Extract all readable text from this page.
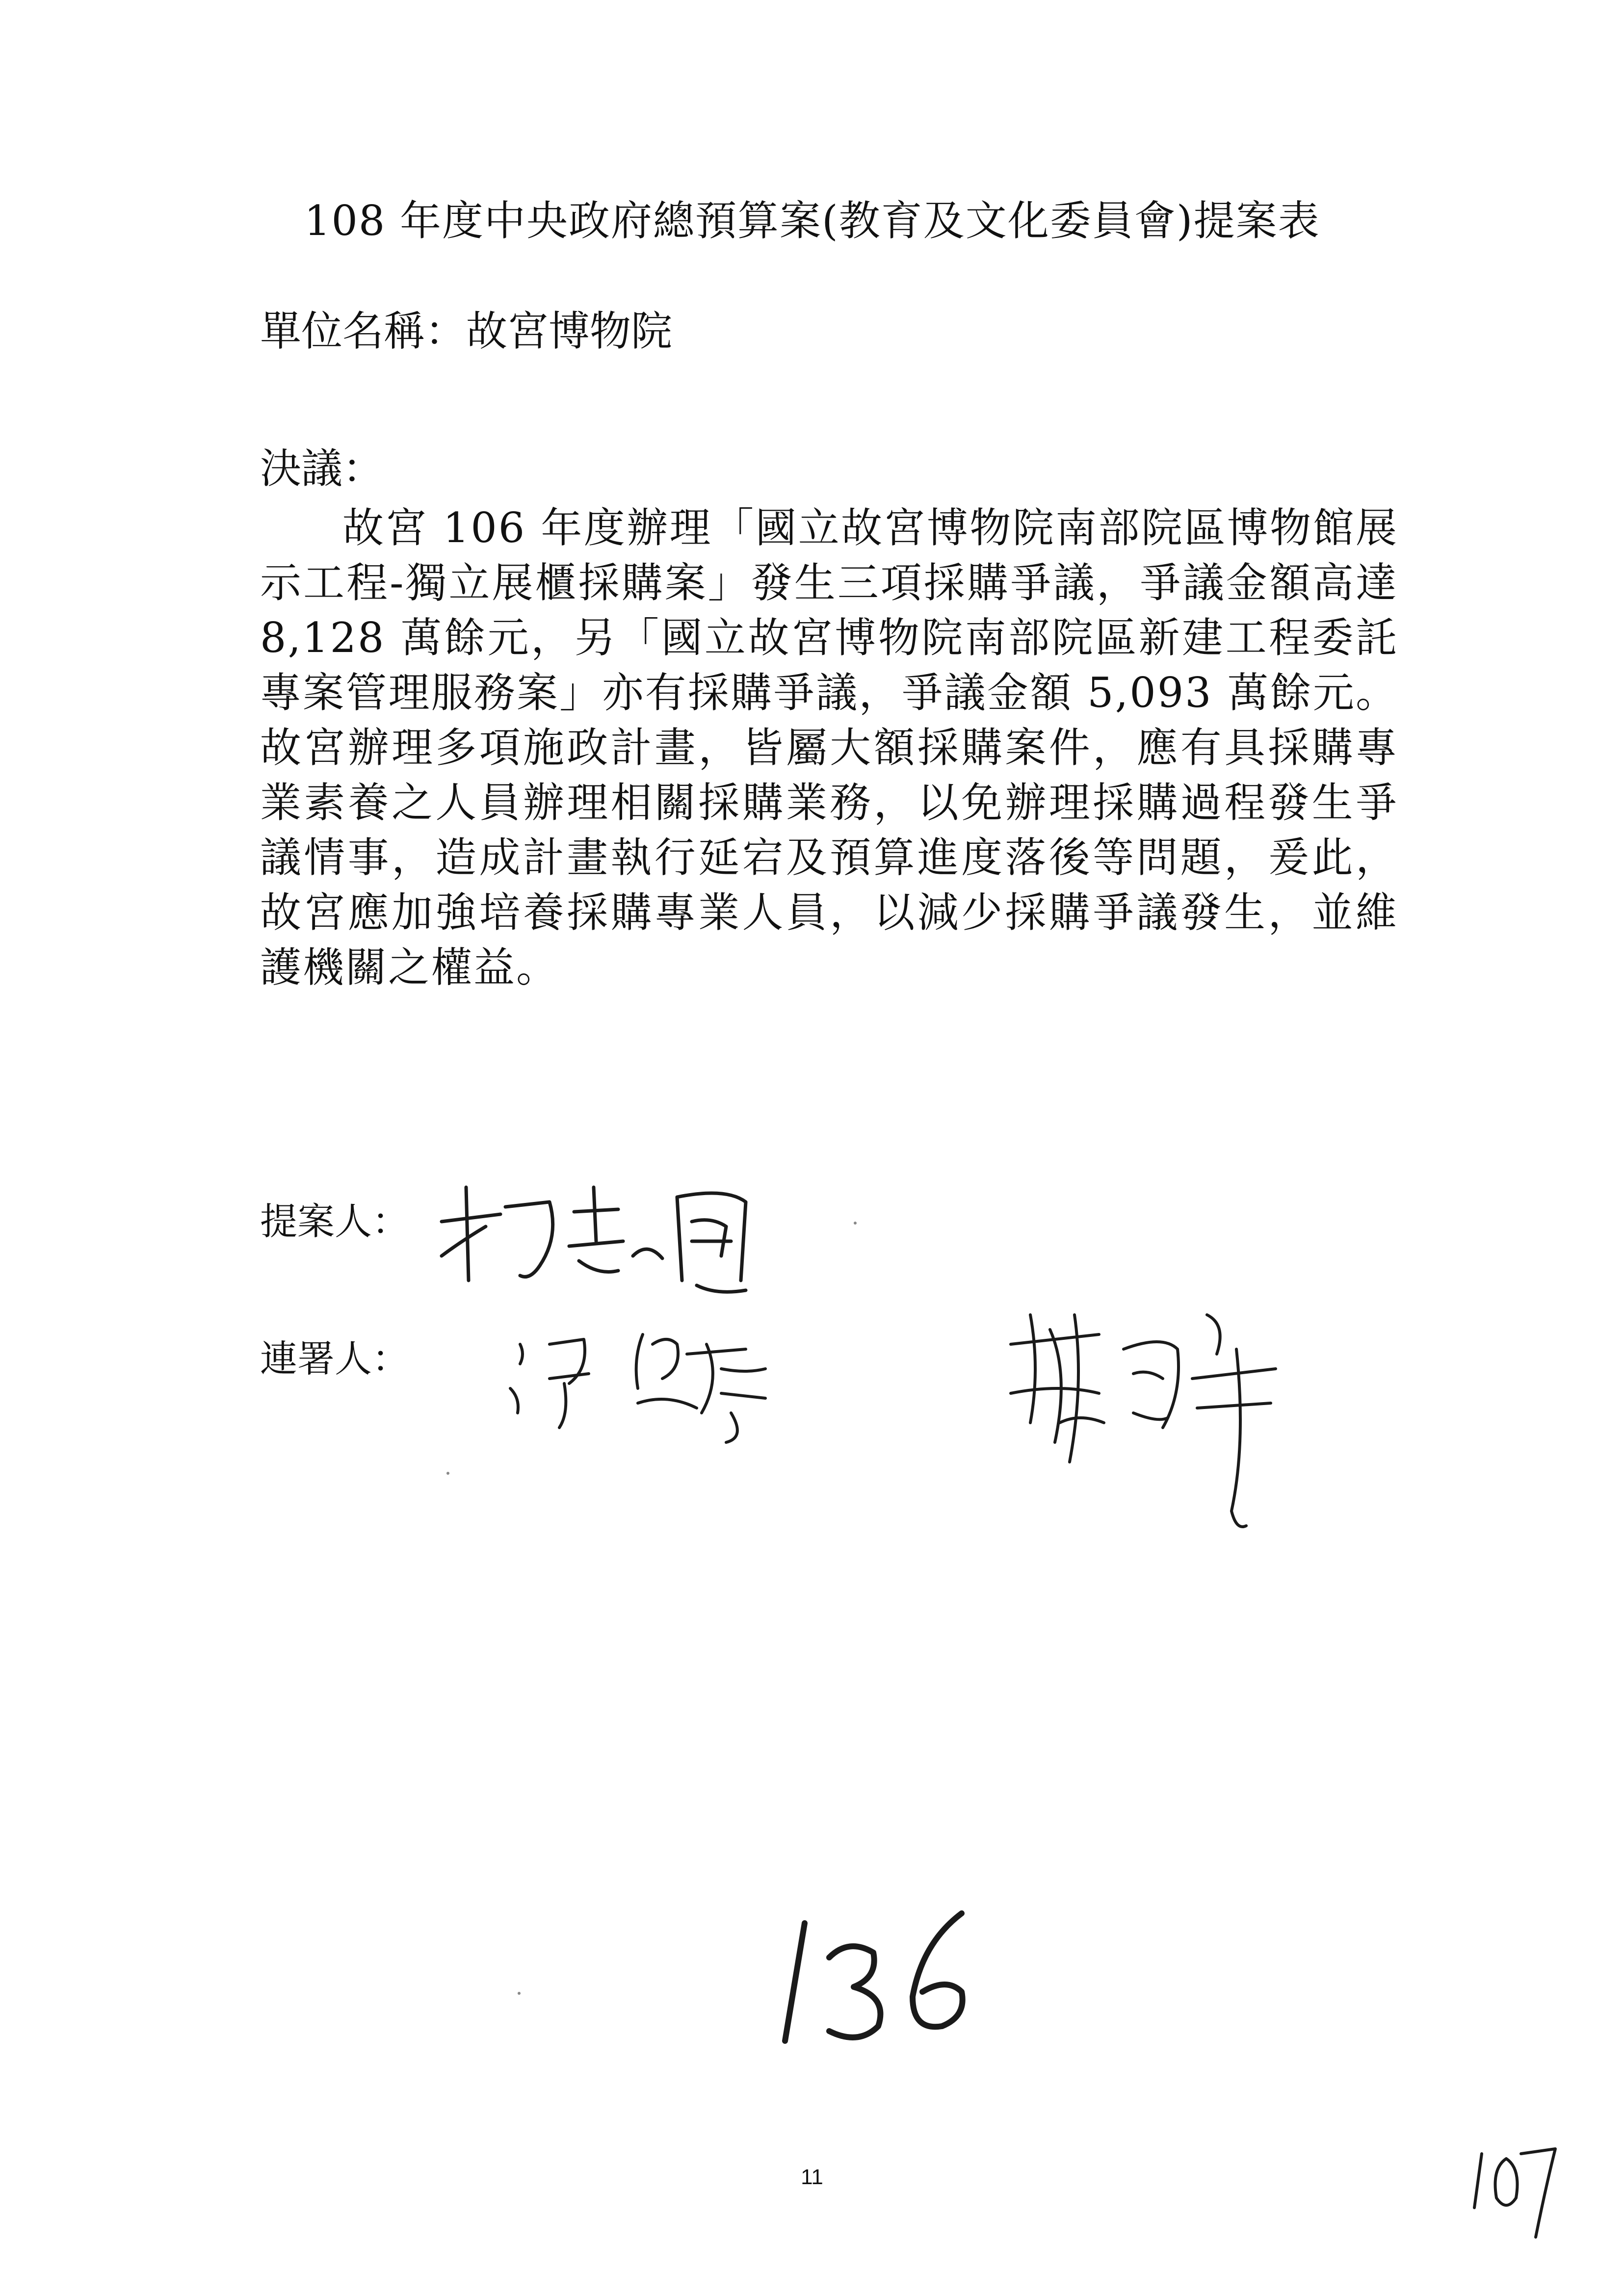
108 年度中央政府總預算案(教育及文化委員會)提案表
單位名稱：故宮博物院
決議：
故宮 106 年度辦理「國立故宮博物院南部院區博物館展示工程-獨立展櫃採購案」發生三項採購爭議，爭議金額高達 8,128 萬餘元，另「國立故宮博物院南部院區新建工程委託專案管理服務案」亦有採購爭議，爭議金額 5,093 萬餘元。故宮辦理多項施政計畫，皆屬大額採購案件，應有具採購專業素養之人員辦理相關採購業務，以免辦理採購過程發生爭議情事，造成計畫執行延宕及預算進度落後等問題，爰此，故宮應加強培養採購專業人員，以減少採購爭議發生，並維護機關之權益。
提案人：
連署人：
11
